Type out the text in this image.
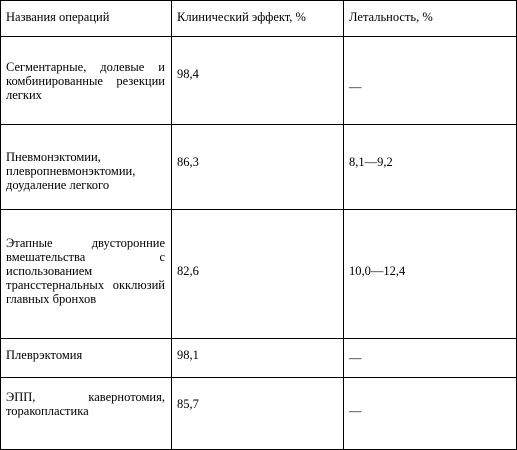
Названия операций	Клинический эффект, %	Летальность, %

Сегментарные, долевые и комбинированные резекции легких	98,4	—

Пневмонэктомии, плевропневмонэктомии, доудаление легкого	86,3	8,1—9,2

Этапные двусторонние вмешательства с использованием трансстернальных окклюзий главных бронхов	82,6	10,0—12,4

Плеврэктомия	98,1	—

ЭПП, кавернотомия, торакопластика	85,7	—
